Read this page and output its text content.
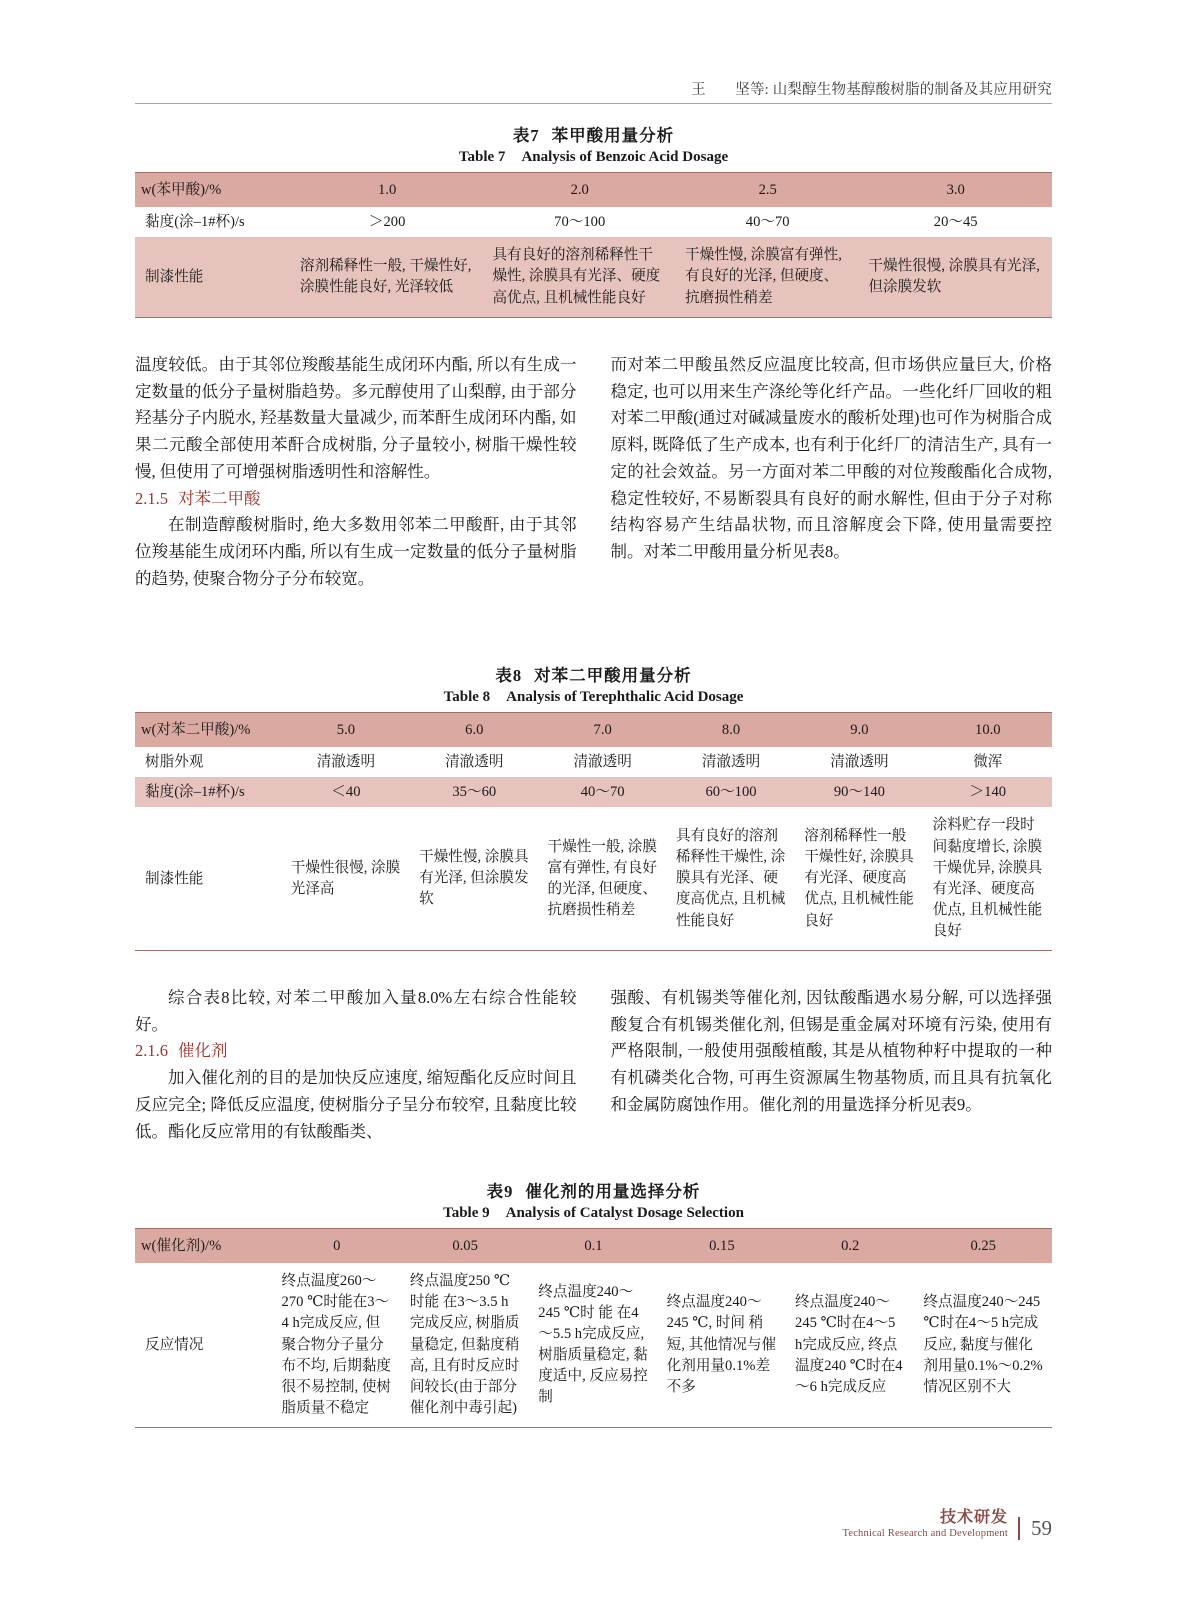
王　　坚等: 山梨醇生物基醇酸树脂的制备及其应用研究
表7 苯甲酸用量分析
Table 7 Analysis of Benzoic Acid Dosage
w(苯甲酸)/%	1.0	2.0	2.5	3.0
黏度(涂–1#杯)/s	＞200	70～100	40～70	20～45
制漆性能	溶剂稀释性一般, 干燥性好, 涂膜性能良好, 光泽较低	具有良好的溶剂稀释性干燥性, 涂膜具有光泽、硬度高优点, 且机械性能良好	干燥性慢, 涂膜富有弹性, 有良好的光泽, 但硬度、抗磨损性稍差	干燥性很慢, 涂膜具有光泽, 但涂膜发软

温度较低。由于其邻位羧酸基能生成闭环内酯, 所以有生成一定数量的低分子量树脂趋势。多元醇使用了山梨醇, 由于部分羟基分子内脱水, 羟基数量大量减少, 而苯酐生成闭环内酯, 如果二元酸全部使用苯酐合成树脂, 分子量较小, 树脂干燥性较慢, 但使用了可增强树脂透明性和溶解性。

2.1.5 对苯二甲酸

在制造醇酸树脂时, 绝大多数用邻苯二甲酸酐, 由于其邻位羧基能生成闭环内酯, 所以有生成一定数量的低分子量树脂的趋势, 使聚合物分子分布较宽。

而对苯二甲酸虽然反应温度比较高, 但市场供应量巨大, 价格稳定, 也可以用来生产涤纶等化纤产品。一些化纤厂回收的粗对苯二甲酸(通过对碱减量废水的酸析处理)也可作为树脂合成原料, 既降低了生产成本, 也有利于化纤厂的清洁生产, 具有一定的社会效益。另一方面对苯二甲酸的对位羧酸酯化合成物, 稳定性较好, 不易断裂具有良好的耐水解性, 但由于分子对称结构容易产生结晶状物, 而且溶解度会下降, 使用量需要控制。对苯二甲酸用量分析见表8。

表8 对苯二甲酸用量分析
Table 8 Analysis of Terephthalic Acid Dosage
w(对苯二甲酸)/%	5.0	6.0	7.0	8.0	9.0	10.0
树脂外观	清澈透明	清澈透明	清澈透明	清澈透明	清澈透明	微浑
黏度(涂–1#杯)/s	＜40	35～60	40～70	60～100	90～140	＞140
制漆性能	干燥性很慢, 涂膜光泽高	干燥性慢, 涂膜具有光泽, 但涂膜发软	干燥性一般, 涂膜富有弹性, 有良好的光泽, 但硬度、抗磨损性稍差	具有良好的溶剂稀释性干燥性, 涂膜具有光泽、硬度高优点, 且机械性能良好	溶剂稀释性一般干燥性好, 涂膜具有光泽、硬度高优点, 且机械性能良好	涂料贮存一段时间黏度增长, 涂膜干燥优异, 涂膜具有光泽、硬度高优点, 且机械性能良好

综合表8比较, 对苯二甲酸加入量8.0%左右综合性能较好。

2.1.6 催化剂

加入催化剂的目的是加快反应速度, 缩短酯化反应时间且反应完全; 降低反应温度, 使树脂分子呈分布较窄, 且黏度比较低。酯化反应常用的有钛酸酯类、

强酸、有机锡类等催化剂, 因钛酸酯遇水易分解, 可以选择强酸复合有机锡类催化剂, 但锡是重金属对环境有污染, 使用有严格限制, 一般使用强酸植酸, 其是从植物种籽中提取的一种有机磷类化合物, 可再生资源属生物基物质, 而且具有抗氧化和金属防腐蚀作用。催化剂的用量选择分析见表9。

表9 催化剂的用量选择分析
Table 9 Analysis of Catalyst Dosage Selection
w(催化剂)/%	0	0.05	0.1	0.15	0.2	0.25
反应情况	终点温度260～270 ℃时能在3～4 h完成反应, 但聚合物分子量分布不均, 后期黏度很不易控制, 使树脂质量不稳定	终点温度250 ℃时能 在3～3.5 h完成反应, 树脂质量稳定, 但黏度稍高, 且有时反应时间较长(由于部分催化剂中毒引起)	终点温度240～245 ℃时 能 在4～5.5 h完成反应, 树脂质量稳定, 黏度适中, 反应易控制	终点温度240～245 ℃, 时间 稍 短, 其他情况与催化剂用量0.1%差不多	终点温度240～245 ℃时在4～5 h完成反应, 终点温度240 ℃时在4～6 h完成反应	终点温度240～245 ℃时在4～5 h完成反应, 黏度与催化剂用量0.1%～0.2%情况区别不大
技术研发
Technical Research and Development	59
